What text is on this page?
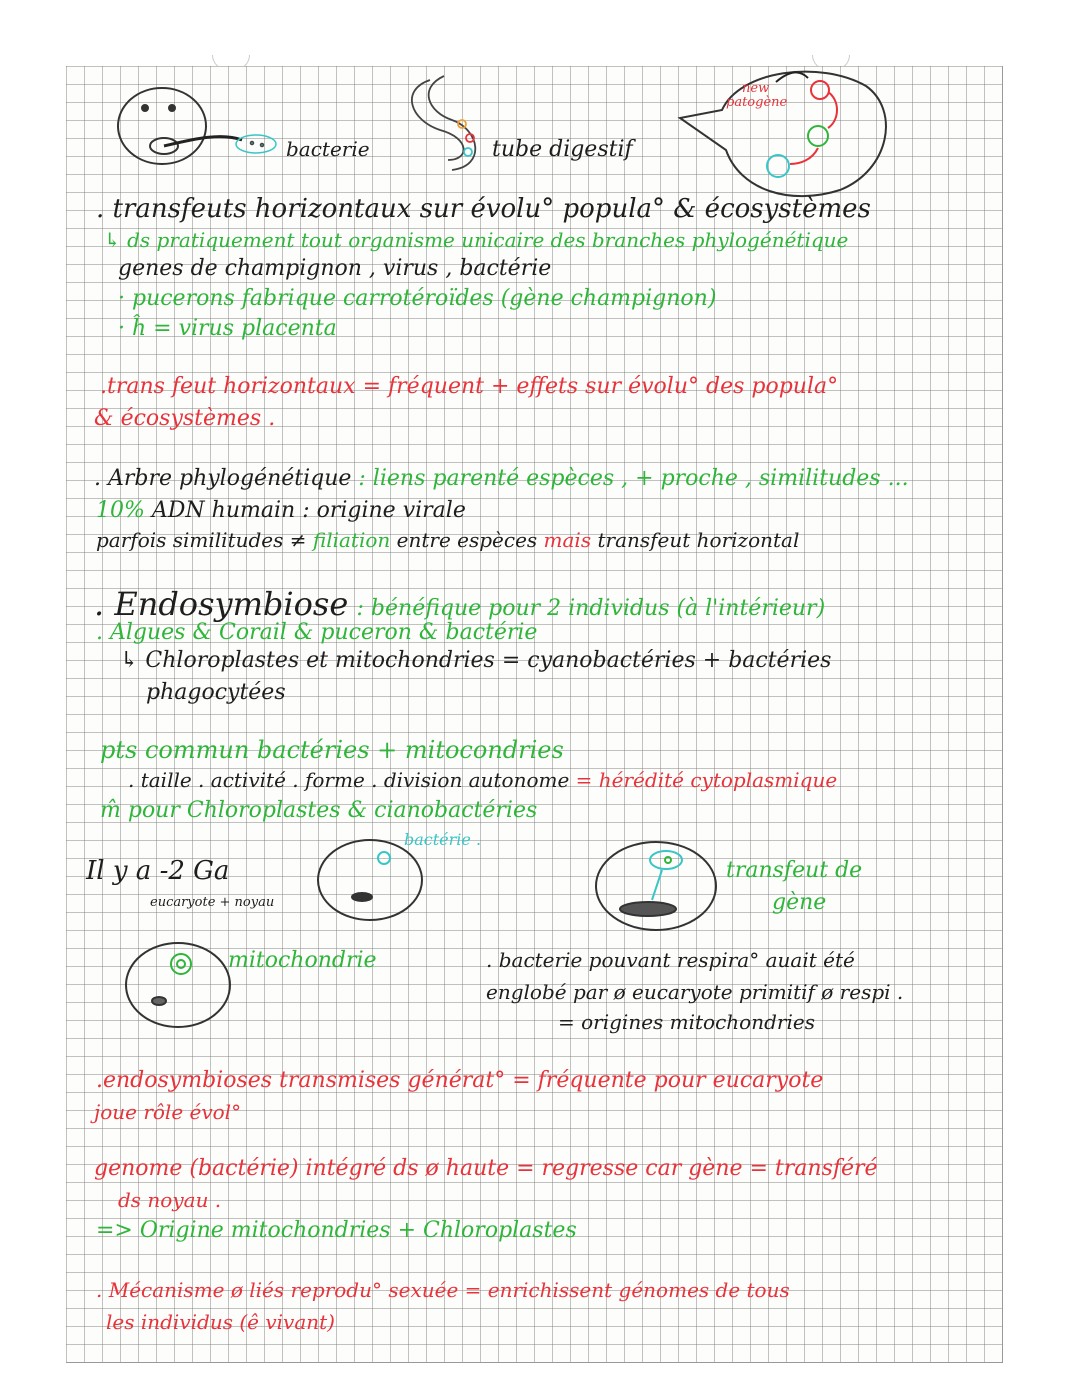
bacterie	tube digestif
new
patogène
. transfeuts horizontaux sur évolu° popula° & écosystèmes
↳ ds pratiquement tout organisme unicaire des branches phylogénétique
genes de champignon , virus , bactérie
· pucerons fabrique carrotéroïdes (gène champignon)
· ĥ = virus placenta
.trans feut horizontaux = fréquent + effets sur évolu° des popula°
& écosystèmes .
. Arbre phylogénétique : liens parenté espèces , + proche , similitudes ...
10% ADN humain : origine virale
parfois similitudes ≠ filiation entre espèces mais transfeut horizontal
. Endosymbiose : bénéfique pour 2 individus (à l'intérieur)
. Algues & Corail & puceron & bactérie
↳ Chloroplastes et mitochondries = cyanobactéries + bactéries
phagocytées
pts commun bactéries + mitocondries
. taille . activité . forme . division autonome = hérédité cytoplasmique
m̂ pour Chloroplastes & cianobactéries
Il y a -2 Ga
bactérie .
eucaryote + noyau
transfeut de
gène
mitochondrie	. bacterie pouvant respira° auait été
englobé par ø eucaryote primitif ø respi .
= origines mitochondries
.endosymbioses transmises générat° = fréquente pour eucaryote
joue rôle évol°
genome (bactérie) intégré ds ø haute = regresse car gène = transféré
ds noyau .
=> Origine mitochondries + Chloroplastes
. Mécanisme ø liés reprodu° sexuée = enrichissent génomes de tous
les individus (ê vivant)
